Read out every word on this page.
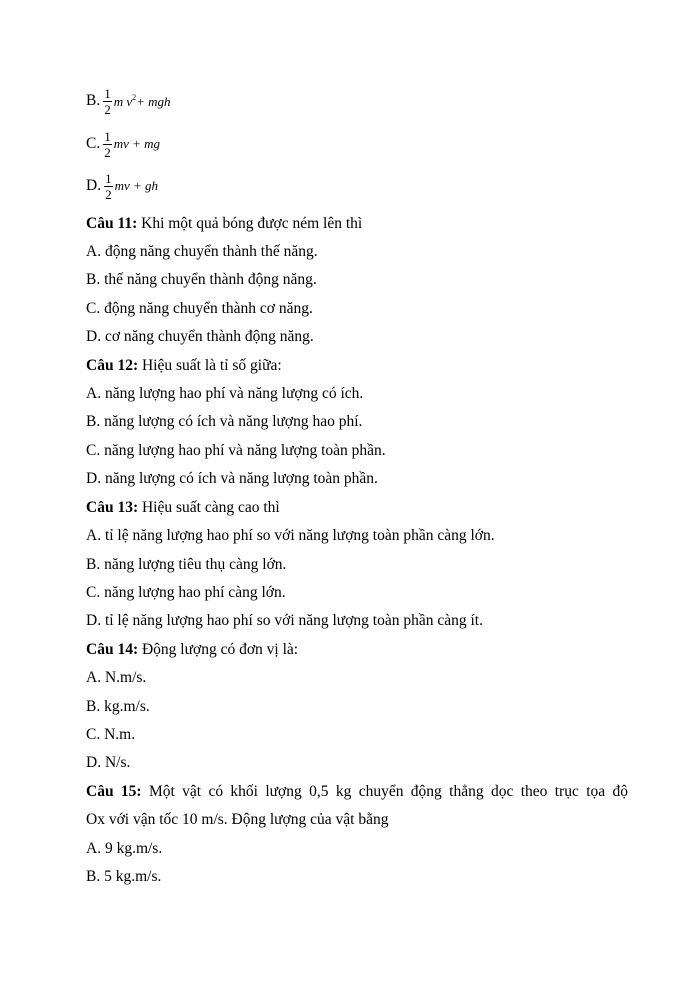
B. $\frac{1}{2}$ m $v^2+$ mgh
C. $\frac{1}{2}$ mv + mg
D. $\frac{1}{2}$ mv + gh
Câu 11: Khi một quả bóng được ném lên thì
A. động năng chuyển thành thế năng.
B. thế năng chuyển thành động năng.
C. động năng chuyển thành cơ năng.
D. cơ năng chuyển thành động năng.
Câu 12: Hiệu suất là tỉ số giữa:
A. năng lượng hao phí và năng lượng có ích.
B. năng lượng có ích và năng lượng hao phí.
C. năng lượng hao phí và năng lượng toàn phần.
D. năng lượng có ích và năng lượng toàn phần.
Câu 13: Hiệu suất càng cao thì
A. tỉ lệ năng lượng hao phí so với năng lượng toàn phần càng lớn.
B. năng lượng tiêu thụ càng lớn.
C. năng lượng hao phí càng lớn.
D. tỉ lệ năng lượng hao phí so với năng lượng toàn phần càng ít.
Câu 14: Động lượng có đơn vị là:
A. N.m/s.
B. kg.m/s.
C. N.m.
D. N/s.
Câu 15: Một vật có khối lượng 0,5 kg chuyển động thẳng dọc theo trục tọa độ
Ox với vận tốc 10 m/s. Động lượng của vật bằng
A. 9 kg.m/s.
B. 5 kg.m/s.
